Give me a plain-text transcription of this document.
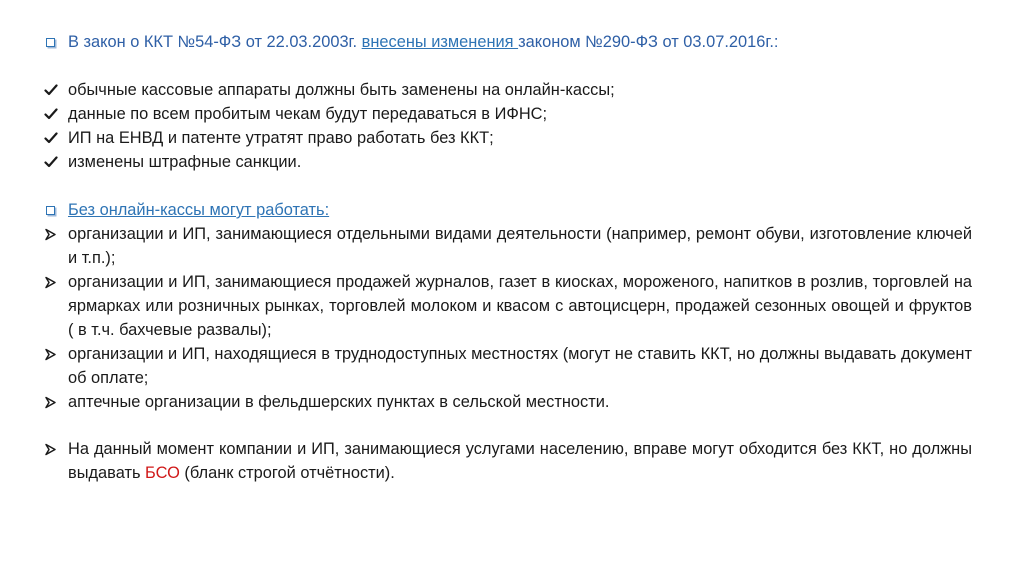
В закон о ККТ №54-ФЗ от 22.03.2003г. внесены изменения законом №290-ФЗ от 03.07.2016г.:
обычные кассовые аппараты должны быть заменены на онлайн-кассы;
данные по всем пробитым чекам будут передаваться в ИФНС;
ИП на ЕНВД и патенте утратят право работать без ККТ;
изменены штрафные санкции.
Без онлайн-кассы могут работать:
организации и ИП, занимающиеся отдельными видами деятельности (например, ремонт обуви, изготовление ключей и т.п.);
организации и ИП, занимающиеся продажей журналов, газет в киосках, мороженого, напитков в розлив, торговлей на ярмарках или розничных рынках, торговлей молоком и квасом с автоцисцерн, продажей сезонных овощей и фруктов ( в т.ч. бахчевые развалы);
организации и ИП, находящиеся в труднодоступных местностях (могут не ставить ККТ, но должны выдавать документ об оплате;
аптечные организации в фельдшерских пунктах в сельской местности.
На данный момент компании и ИП, занимающиеся услугами населению, вправе могут обходится без ККТ, но должны выдавать БСО (бланк строгой отчётности).
